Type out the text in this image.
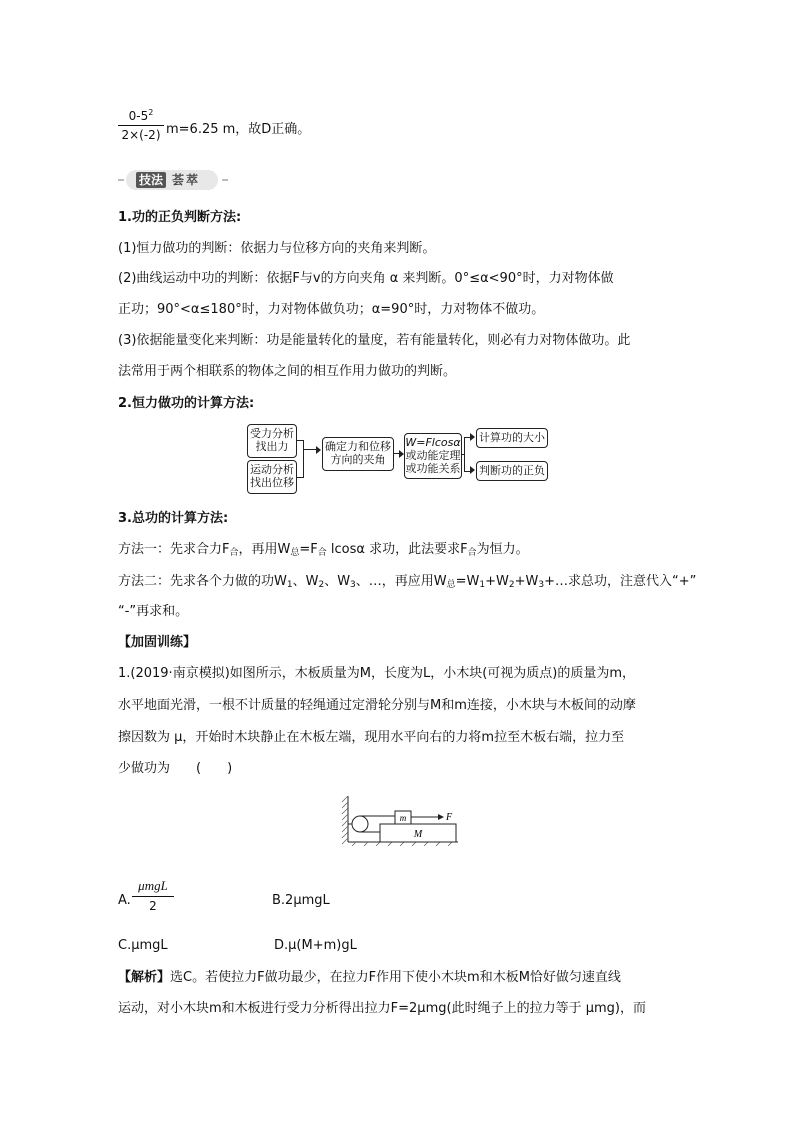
$0-5^2$
2×(-2) m=6.25 m，故D正确。
技法 荟萃
1.功的正负判断方法:
(1)恒力做功的判断：依据力与位移方向的夹角来判断。
(2)曲线运动中功的判断：依据F与v的方向夹角 α 来判断。0°≤α<90°时，力对物体做
正功；90°<α≤180°时，力对物体做负功；α=90°时，力对物体不做功。
(3)依据能量变化来判断：功是能量转化的量度，若有能量转化，则必有力对物体做功。此
法常用于两个相联系的物体之间的相互作用力做功的判断。
2.恒力做功的计算方法:
受力分析
找出力
运动分析
找出位移
确定力和位移
方向的夹角
W=Flcosα
或动能定理
或功能关系
计算功的大小
判断功的正负
3.总功的计算方法:
方法一：先求合力$F_合$，再用$W_总=F_合$ lcosα 求功，此法要求$F_合$为恒力。
方法二：先求各个力做的功$W_1$、$W_2$、$W_3$、…，再应用$W_总=W_1+W_2+W_3+\dots$求总功，注意代入“+”
“-”再求和。
【加固训练】
1.(2019·南京模拟)如图所示，木板质量为M，长度为L，小木块(可视为质点)的质量为m，
水平地面光滑，一根不计质量的轻绳通过定滑轮分别与M和m连接，小木块与木板间的动摩
擦因数为 μ，开始时木块静止在木板左端，现用水平向右的力将m拉至木板右端，拉力至
少做功为　　(　　)
M
m	F
A.
μmgL
2	B.2μmgL
C.μmgL	D.μ(M+m)gL
【解析】选C。若使拉力F做功最少，在拉力F作用下使小木块m和木板M恰好做匀速直线
运动，对小木块m和木板进行受力分析得出拉力F=2μmg(此时绳子上的拉力等于 μmg)，而
